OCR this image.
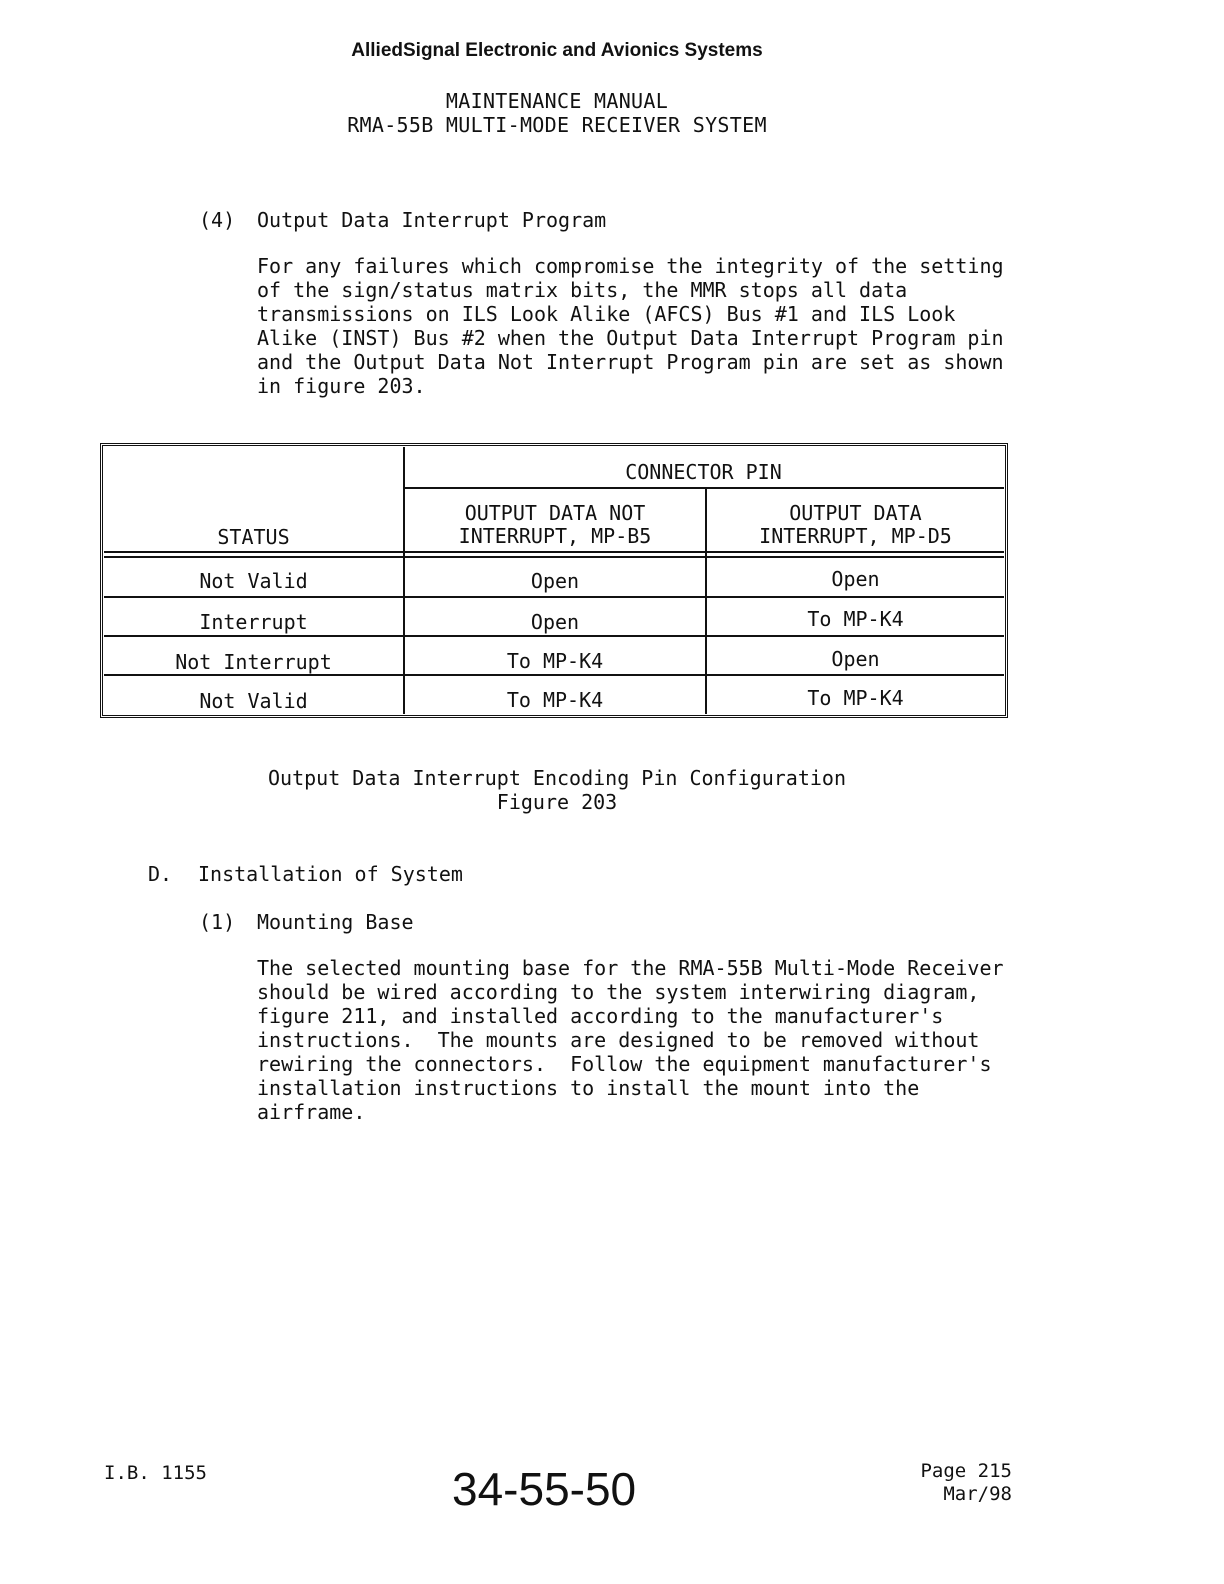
AlliedSignal Electronic and Avionics Systems
MAINTENANCE MANUAL
RMA-55B MULTI-MODE RECEIVER SYSTEM
(4) Output Data Interrupt Program
For any failures which compromise the integrity of the setting
of the sign/status matrix bits, the MMR stops all data
transmissions on ILS Look Alike (AFCS) Bus #1 and ILS Look
Alike (INST) Bus #2 when the Output Data Interrupt Program pin
and the Output Data Not Interrupt Program pin are set as shown
in figure 203.
CONNECTOR PIN
STATUS
OUTPUT DATA NOT
INTERRUPT, MP-B5
OUTPUT DATA
INTERRUPT, MP-D5
Not Valid	Open	Open
Interrupt	Open	To MP-K4
Not Interrupt	To MP-K4	Open
Not Valid	To MP-K4	To MP-K4
Output Data Interrupt Encoding Pin Configuration
Figure 203
D. Installation of System
(1) Mounting Base
The selected mounting base for the RMA-55B Multi-Mode Receiver
should be wired according to the system interwiring diagram,
figure 211, and installed according to the manufacturer's
instructions.  The mounts are designed to be removed without
rewiring the connectors.  Follow the equipment manufacturer's
installation instructions to install the mount into the
airframe.
I.B. 1155	34-55-50	Page 215
Mar/98
